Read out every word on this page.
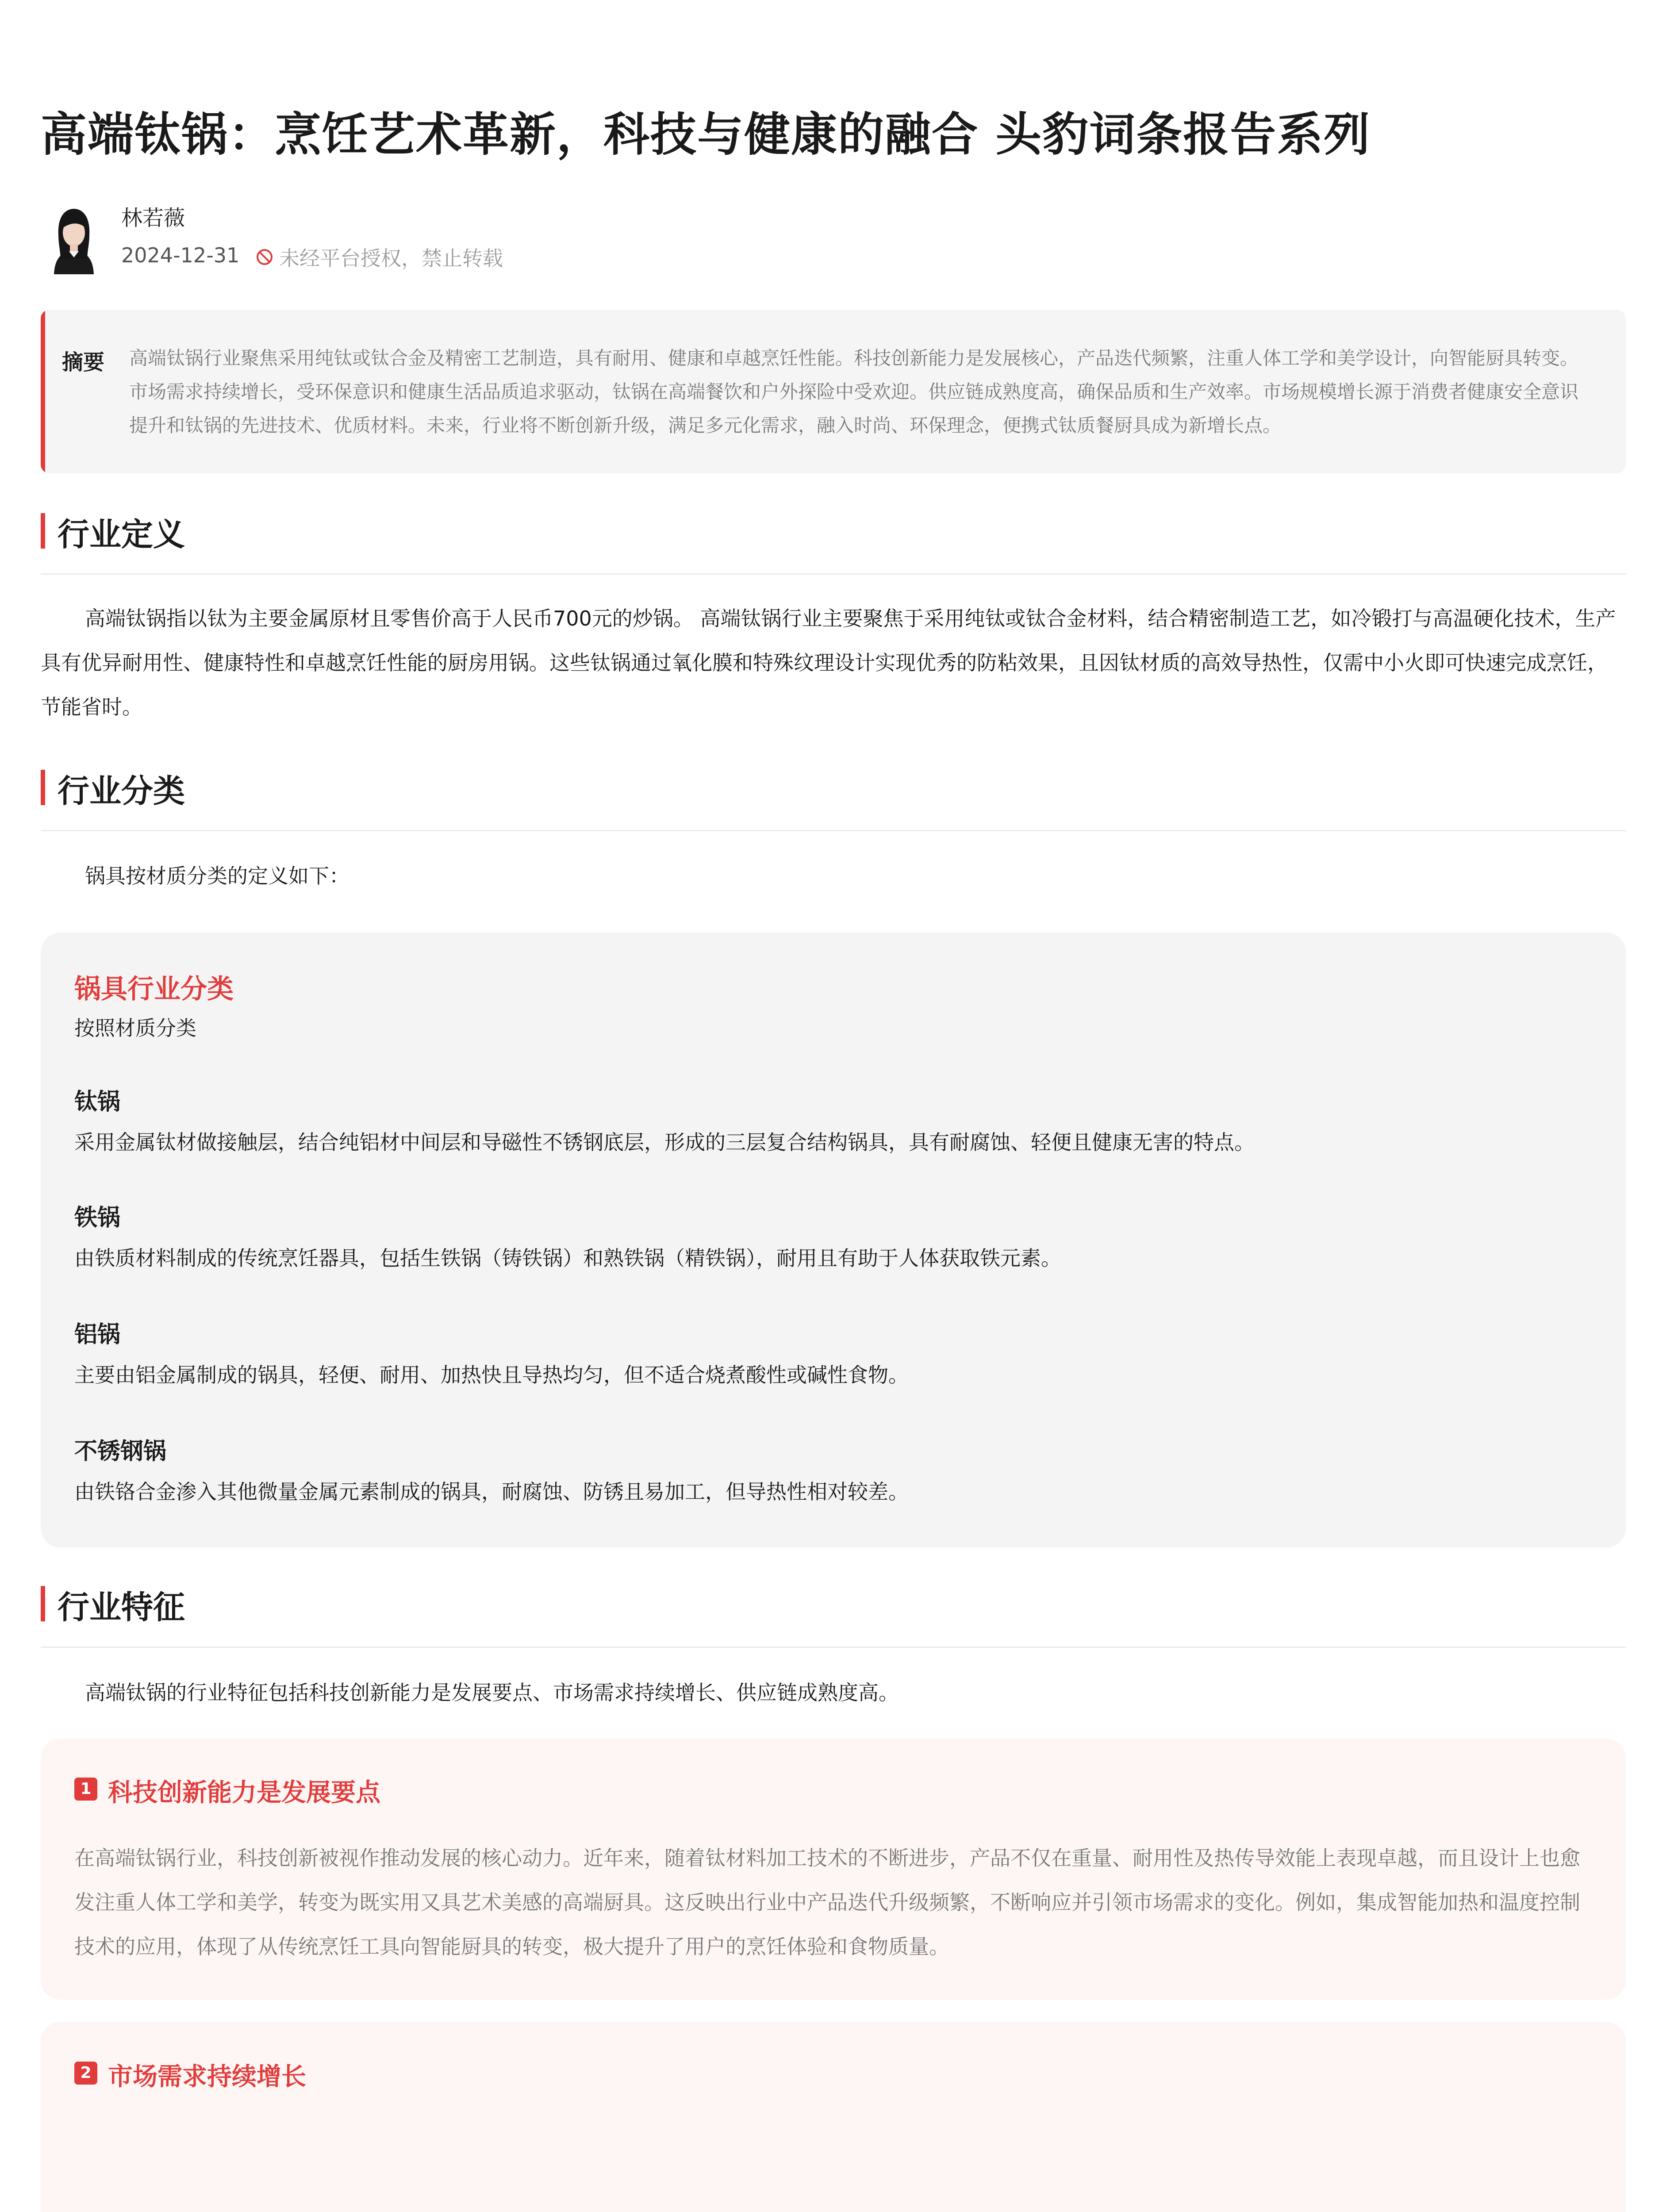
高端钛锅：烹饪艺术革新，科技与健康的融合 头豹词条报告系列
林若薇
2024-12-31 未经平台授权，禁止转载
摘要 高端钛锅行业聚焦采用纯钛或钛合金及精密工艺制造，具有耐用、健康和卓越烹饪性能。科技创新能力是发展核心，产品迭代频繁，注重人体工学和美学设计，向智能厨具转变。市场需求持续增长，受环保意识和健康生活品质追求驱动，钛锅在高端餐饮和户外探险中受欢迎。供应链成熟度高，确保品质和生产效率。市场规模增长源于消费者健康安全意识提升和钛锅的先进技术、优质材料。未来，行业将不断创新升级，满足多元化需求，融入时尚、环保理念，便携式钛质餐厨具成为新增长点。
行业定义
高端钛锅指以钛为主要金属原材且零售价高于人民币700元的炒锅。 高端钛锅行业主要聚焦于采用纯钛或钛合金材料，结合精密制造工艺，如冷锻打与高温硬化技术，生产具有优异耐用性、健康特性和卓越烹饪性能的厨房用锅。这些钛锅通过氧化膜和特殊纹理设计实现优秀的防粘效果，且因钛材质的高效导热性，仅需中小火即可快速完成烹饪，节能省时。
行业分类
锅具按材质分类的定义如下：
锅具行业分类
按照材质分类
钛锅
采用金属钛材做接触层，结合纯铝材中间层和导磁性不锈钢底层，形成的三层复合结构锅具，具有耐腐蚀、轻便且健康无害的特点。
铁锅
由铁质材料制成的传统烹饪器具，包括生铁锅（铸铁锅）和熟铁锅（精铁锅），耐用且有助于人体获取铁元素。
铝锅
主要由铝金属制成的锅具，轻便、耐用、加热快且导热均匀，但不适合烧煮酸性或碱性食物。
不锈钢锅
由铁铬合金渗入其他微量金属元素制成的锅具，耐腐蚀、防锈且易加工，但导热性相对较差。
行业特征
高端钛锅的行业特征包括科技创新能力是发展要点、市场需求持续增长、供应链成熟度高。
1 科技创新能力是发展要点
在高端钛锅行业，科技创新被视作推动发展的核心动力。近年来，随着钛材料加工技术的不断进步，产品不仅在重量、耐用性及热传导效能上表现卓越，而且设计上也愈发注重人体工学和美学，转变为既实用又具艺术美感的高端厨具。这反映出行业中产品迭代升级频繁，不断响应并引领市场需求的变化。例如，集成智能加热和温度控制技术的应用，体现了从传统烹饪工具向智能厨具的转变，极大提升了用户的烹饪体验和食物质量。
2 市场需求持续增长
